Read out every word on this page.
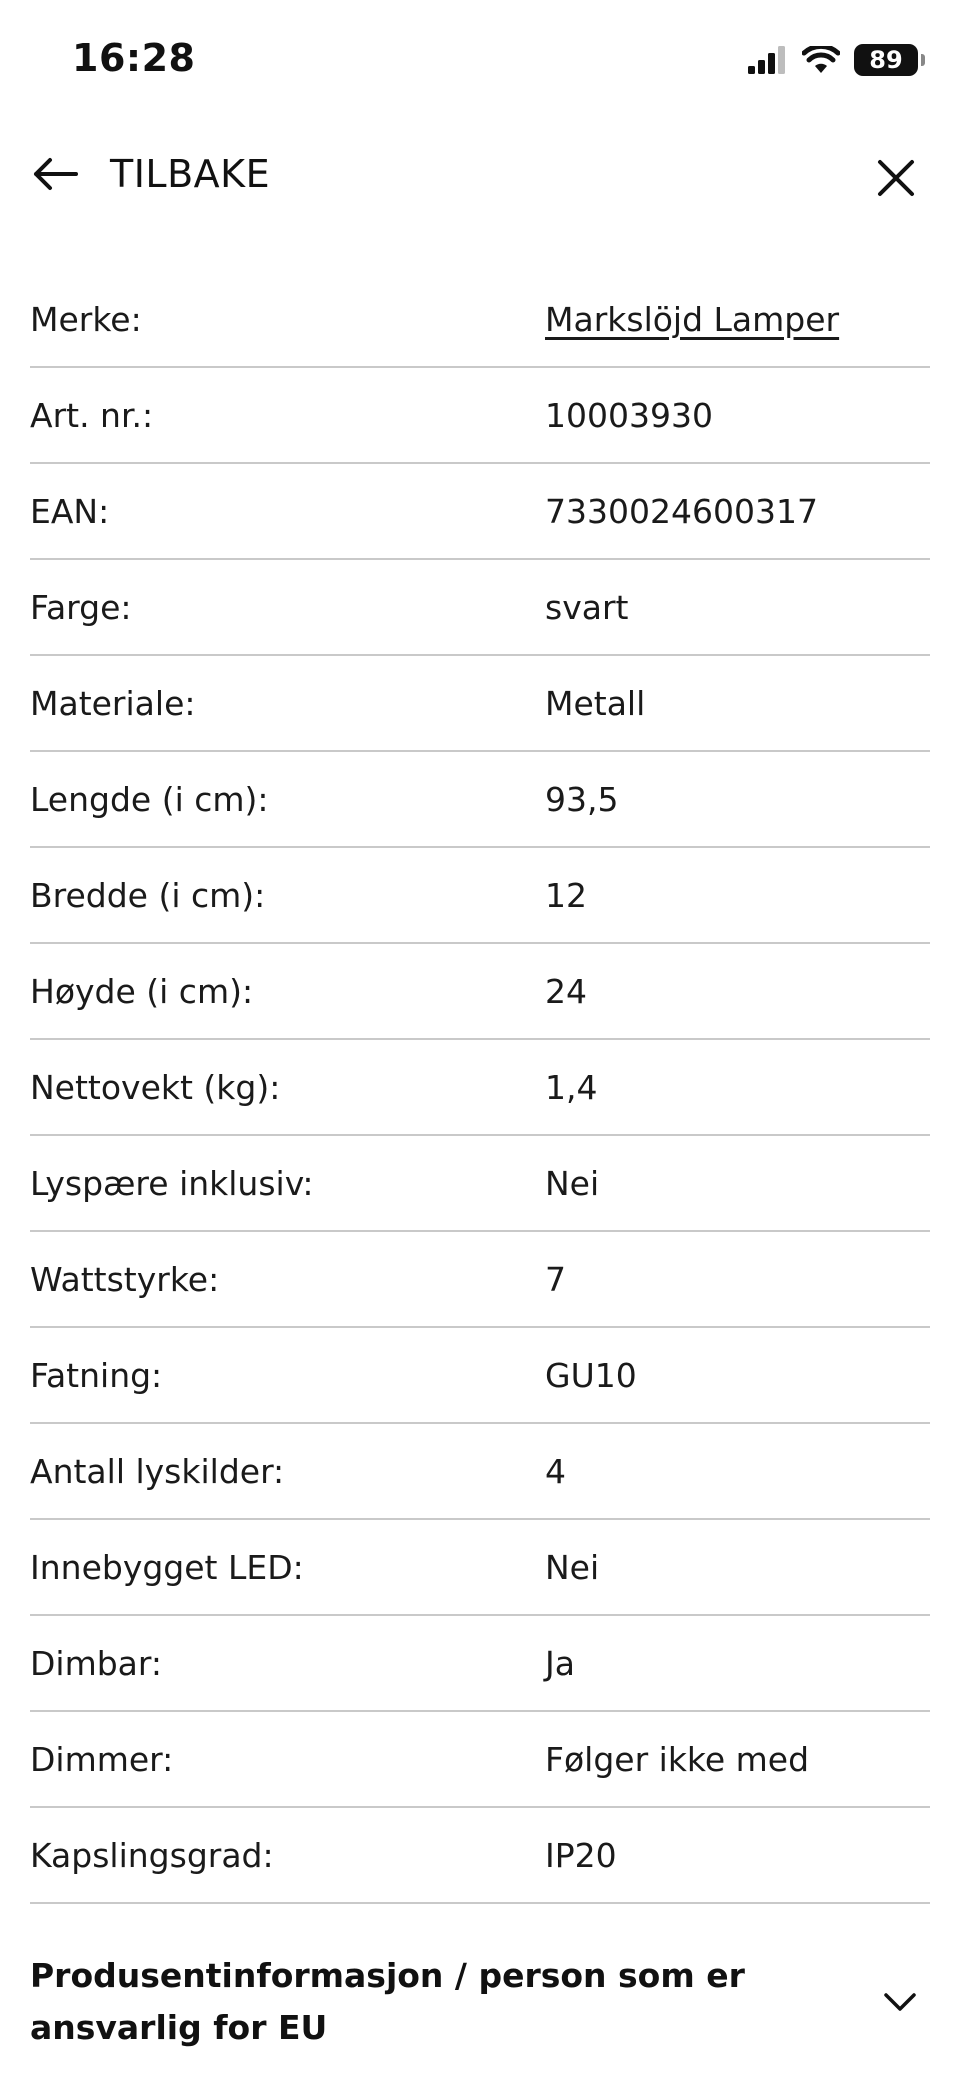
16:28	89
TILBAKE
Merke:	Markslöjd Lamper
Art. nr.:	10003930
EAN:	7330024600317
Farge:	svart
Materiale:	Metall
Lengde (i cm):	93,5
Bredde (i cm):	12
Høyde (i cm):	24
Nettovekt (kg):	1,4
Lyspære inklusiv:	Nei
Wattstyrke:	7
Fatning:	GU10
Antall lyskilder:	4
Innebygget LED:	Nei
Dimbar:	Ja
Dimmer:	Følger ikke med
Kapslingsgrad:	IP20
Produsentinformasjon / person som er ansvarlig for EU
